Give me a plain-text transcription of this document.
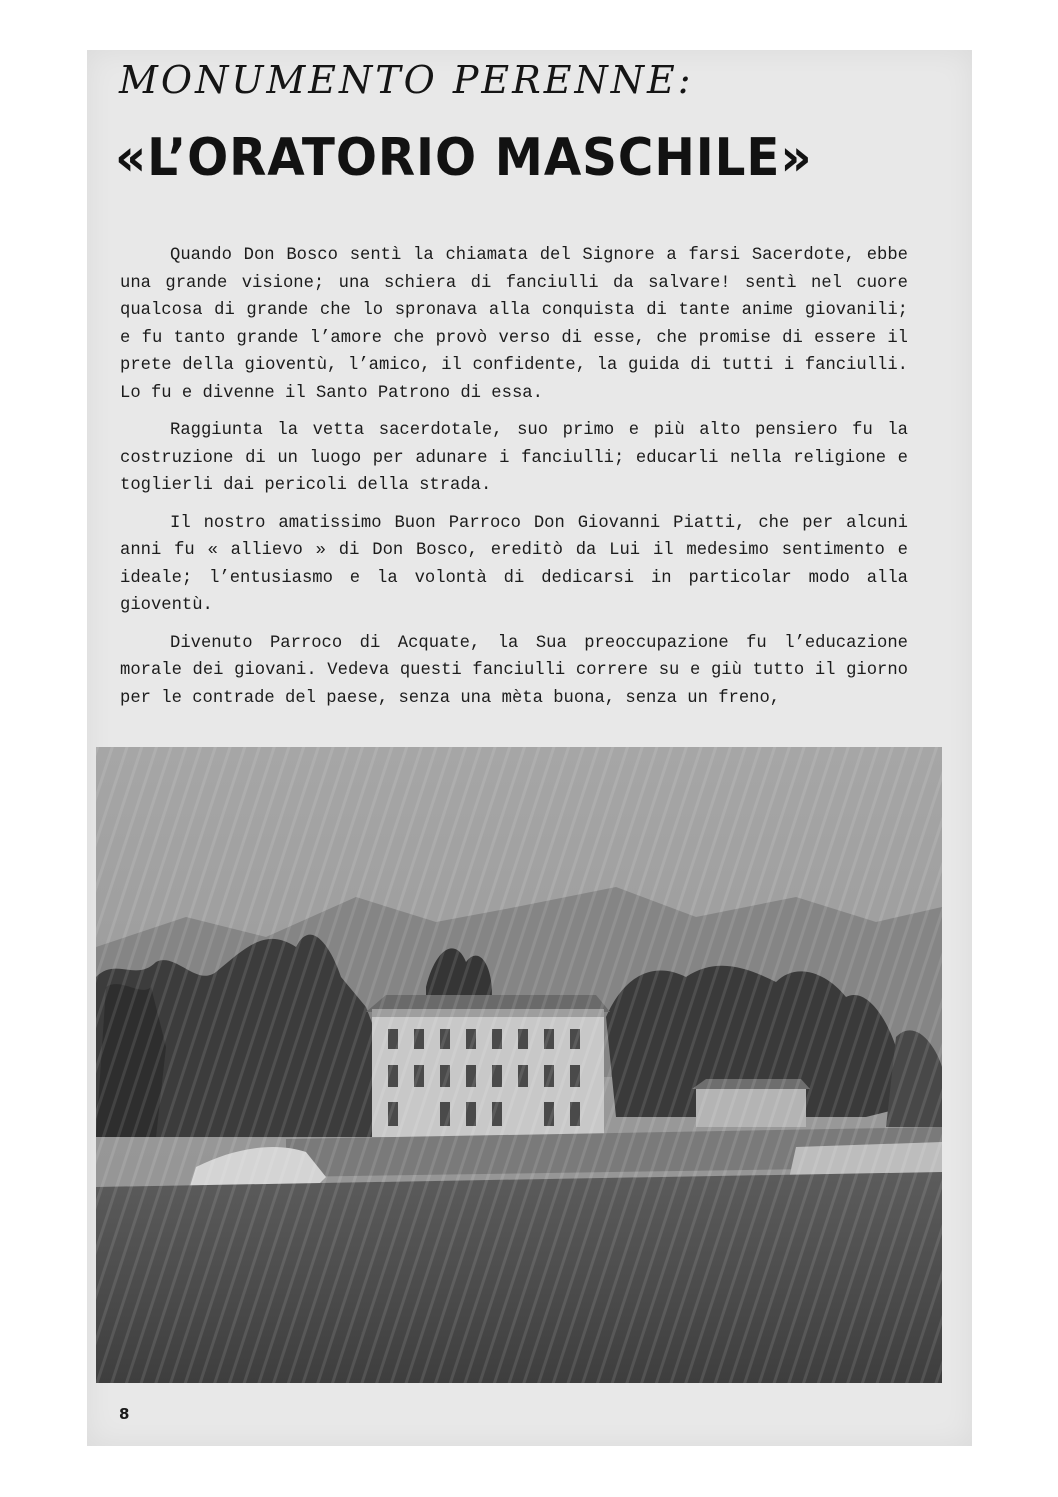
MONUMENTO PERENNE:
«L’ORATORIO MASCHILE»

Quando Don Bosco sentì la chiamata del Signore a farsi Sacerdote, ebbe una grande visione; una schiera di fanciulli da salvare! sentì nel cuore qualcosa di grande che lo spronava alla conquista di tante anime giovanili; e fu tanto grande l’amore che provò verso di esse, che promise di essere il prete della gioventù, l’amico, il confidente, la guida di tutti i fanciulli. Lo fu e divenne il Santo Patrono di essa.

Raggiunta la vetta sacerdotale, suo primo e più alto pensiero fu la costruzione di un luogo per adunare i fanciulli; educarli nella religione e toglierli dai pericoli della strada.

Il nostro amatissimo Buon Parroco Don Giovanni Piatti, che per alcuni anni fu « allievo » di Don Bosco, ereditò da Lui il medesimo sentimento e ideale; l’entusiasmo e la volontà di dedicarsi in particolar modo alla gioventù.

Divenuto Parroco di Acquate, la Sua preoccupazione fu l’educazione morale dei giovani. Vedeva questi fanciulli correre su e giù tutto il giorno per le contrade del paese, senza una mèta buona, senza un freno,

8
